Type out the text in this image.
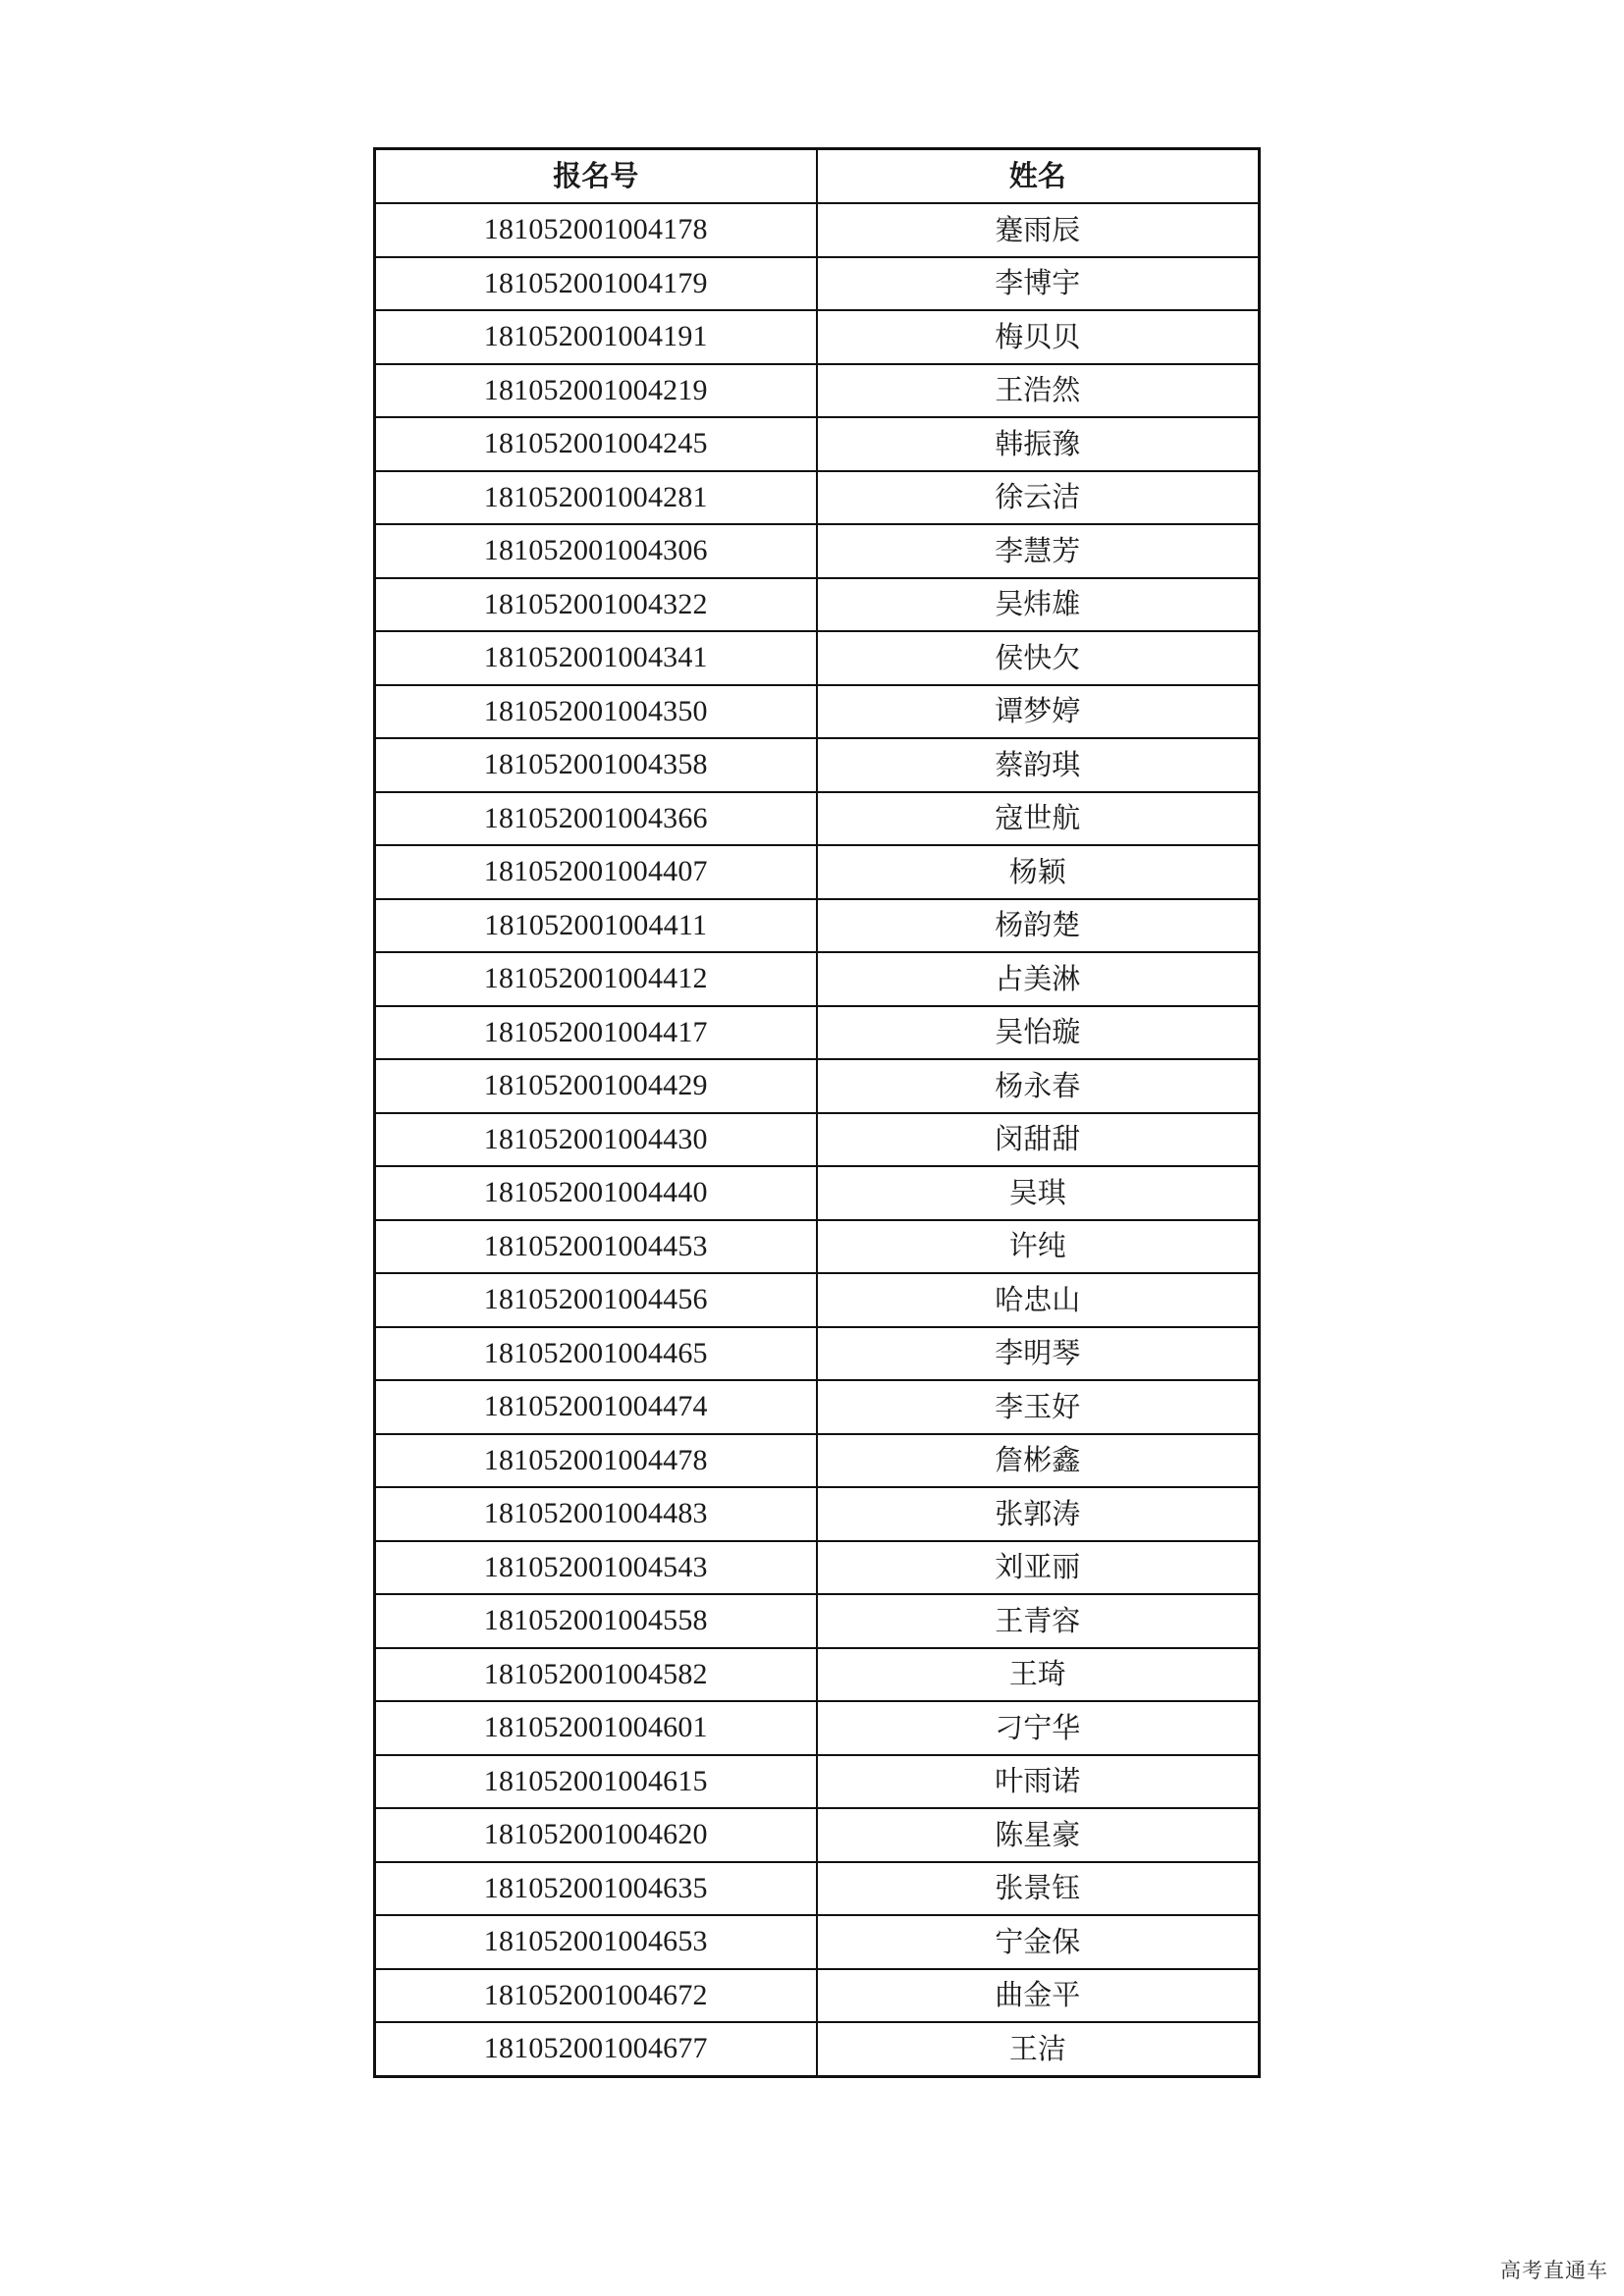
报名号	姓名
181052001004178	蹇雨辰
181052001004179	李博宇
181052001004191	梅贝贝
181052001004219	王浩然
181052001004245	韩振豫
181052001004281	徐云洁
181052001004306	李慧芳
181052001004322	吴炜雄
181052001004341	侯快欠
181052001004350	谭梦婷
181052001004358	蔡韵琪
181052001004366	寇世航
181052001004407	杨颖
181052001004411	杨韵楚
181052001004412	占美淋
181052001004417	吴怡璇
181052001004429	杨永春
181052001004430	闵甜甜
181052001004440	吴琪
181052001004453	许纯
181052001004456	哈忠山
181052001004465	李明琴
181052001004474	李玉好
181052001004478	詹彬鑫
181052001004483	张郭涛
181052001004543	刘亚丽
181052001004558	王青容
181052001004582	王琦
181052001004601	刁宁华
181052001004615	叶雨诺
181052001004620	陈星豪
181052001004635	张景钰
181052001004653	宁金保
181052001004672	曲金平
181052001004677	王洁
高考直通车
